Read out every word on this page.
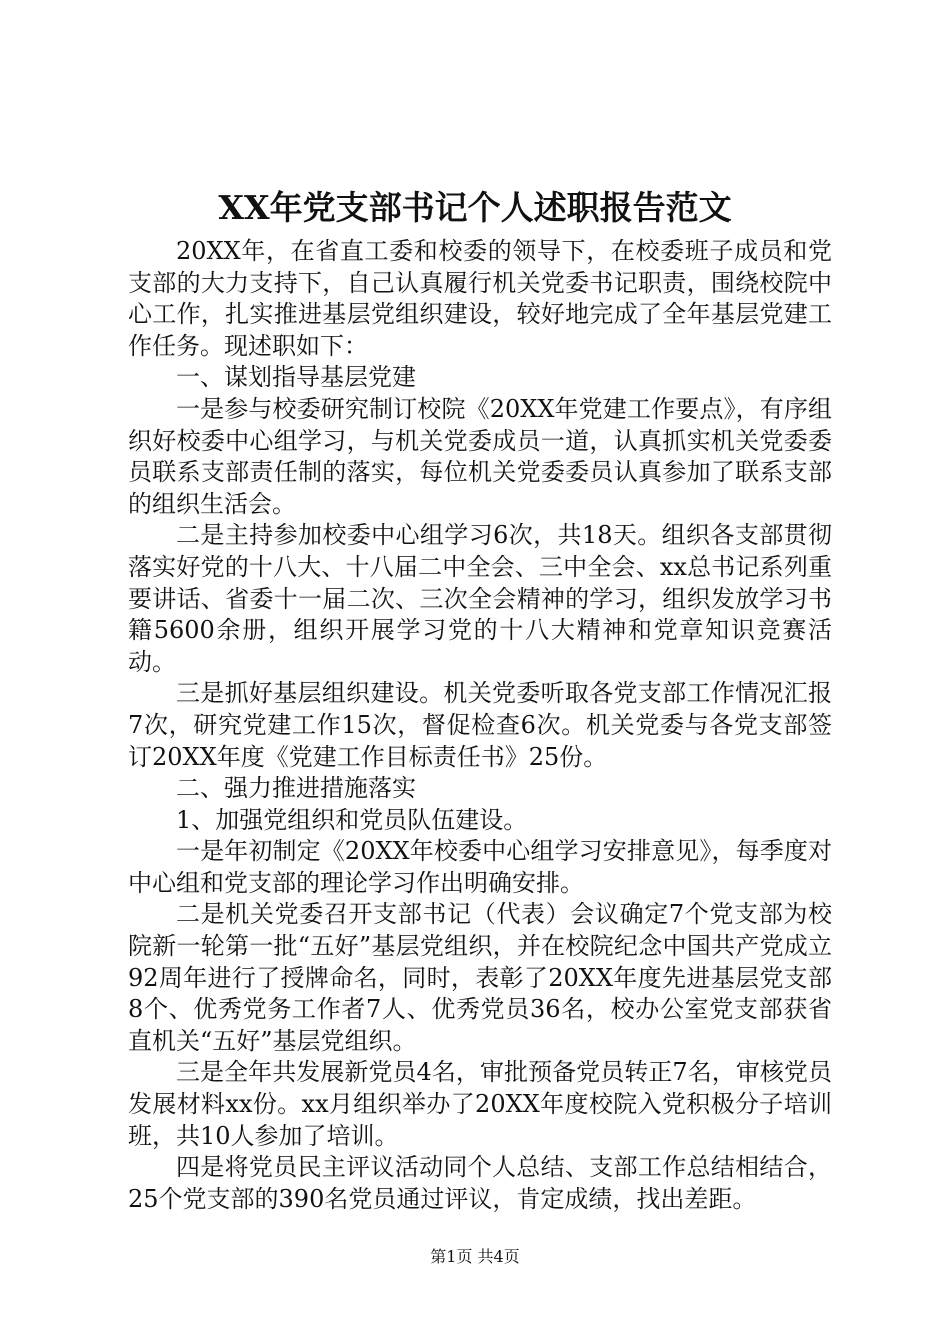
XX年党支部书记个人述职报告范文

20XX年，在省直工委和校委的领导下，在校委班子成员和党支部的大力支持下，自己认真履行机关党委书记职责，围绕校院中心工作，扎实推进基层党组织建设，较好地完成了全年基层党建工作任务。现述职如下：

一、谋划指导基层党建

一是参与校委研究制订校院《20XX年党建工作要点》，有序组织好校委中心组学习，与机关党委成员一道，认真抓实机关党委委员联系支部责任制的落实，每位机关党委委员认真参加了联系支部的组织生活会。

二是主持参加校委中心组学习6次，共18天。组织各支部贯彻落实好党的十八大、十八届二中全会、三中全会、xx总书记系列重要讲话、省委十一届二次、三次全会精神的学习，组织发放学习书籍5600余册，组织开展学习党的十八大精神和党章知识竞赛活动。

三是抓好基层组织建设。机关党委听取各党支部工作情况汇报7次，研究党建工作15次，督促检查6次。机关党委与各党支部签订20XX年度《党建工作目标责任书》25份。

二、强力推进措施落实

1、加强党组织和党员队伍建设。

一是年初制定《20XX年校委中心组学习安排意见》，每季度对中心组和党支部的理论学习作出明确安排。

二是机关党委召开支部书记（代表）会议确定7个党支部为校院新一轮第一批“五好”基层党组织，并在校院纪念中国共产党成立92周年进行了授牌命名，同时，表彰了20XX年度先进基层党支部8个、优秀党务工作者7人、优秀党员36名，校办公室党支部获省直机关“五好”基层党组织。

三是全年共发展新党员4名，审批预备党员转正7名，审核党员发展材料xx份。xx月组织举办了20XX年度校院入党积极分子培训班，共10人参加了培训。

四是将党员民主评议活动同个人总结、支部工作总结相结合，25个党支部的390名党员通过评议，肯定成绩，找出差距。

第1页 共4页
